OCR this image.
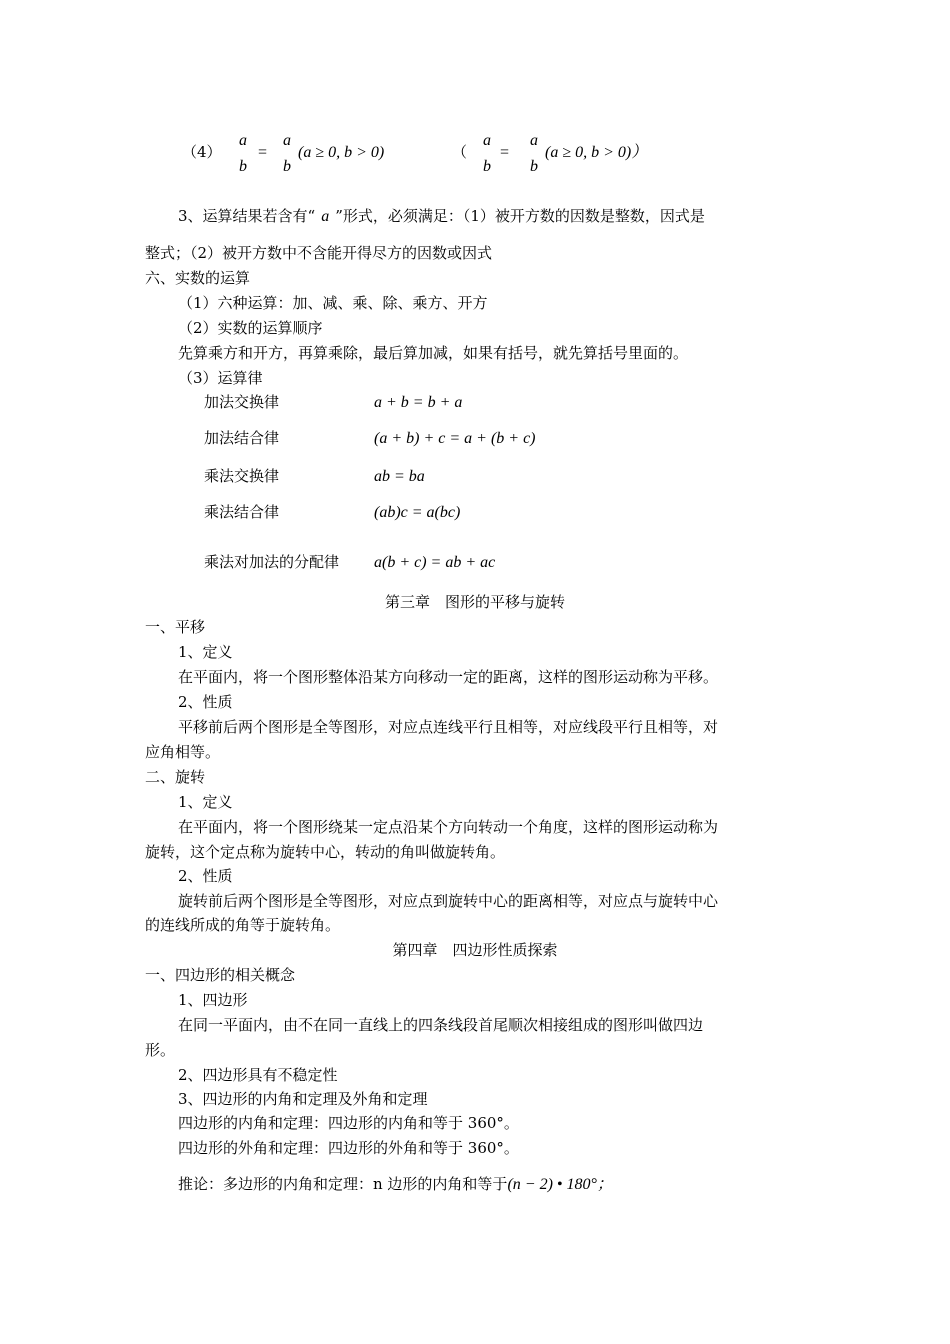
（4）
a
b
=
a
b
(a ≥ 0, b > 0)	（
a
b
=
a
b
(a ≥ 0, b > 0)）
3、运算结果若含有“ a ”形式，必须满足：（1）被开方数的因数是整数，因式是
整式；（2）被开方数中不含能开得尽方的因数或因式
六、实数的运算
（1）六种运算：加、减、乘、除、乘方、开方
（2）实数的运算顺序
先算乘方和开方，再算乘除，最后算加减，如果有括号，就先算括号里面的。
（3）运算律
加法交换律	a + b = b + a
加法结合律	(a + b) + c = a + (b + c)
乘法交换律	ab = ba
乘法结合律	(ab)c = a(bc)
乘法对加法的分配律 a(b + c) = ab + ac
第三章　图形的平移与旋转
一、平移
1、定义
在平面内，将一个图形整体沿某方向移动一定的距离，这样的图形运动称为平移。
2、性质
平移前后两个图形是全等图形，对应点连线平行且相等，对应线段平行且相等，对
应角相等。
二、旋转
1、定义
在平面内，将一个图形绕某一定点沿某个方向转动一个角度，这样的图形运动称为
旋转，这个定点称为旋转中心，转动的角叫做旋转角。
2、性质
旋转前后两个图形是全等图形，对应点到旋转中心的距离相等，对应点与旋转中心
的连线所成的角等于旋转角。
第四章　四边形性质探索
一、四边形的相关概念
1、四边形
在同一平面内，由不在同一直线上的四条线段首尾顺次相接组成的图形叫做四边
形。
2、四边形具有不稳定性
3、四边形的内角和定理及外角和定理
四边形的内角和定理：四边形的内角和等于 360°。
四边形的外角和定理：四边形的外角和等于 360°。
推论：多边形的内角和定理：n 边形的内角和等于(n − 2) • 180°；
